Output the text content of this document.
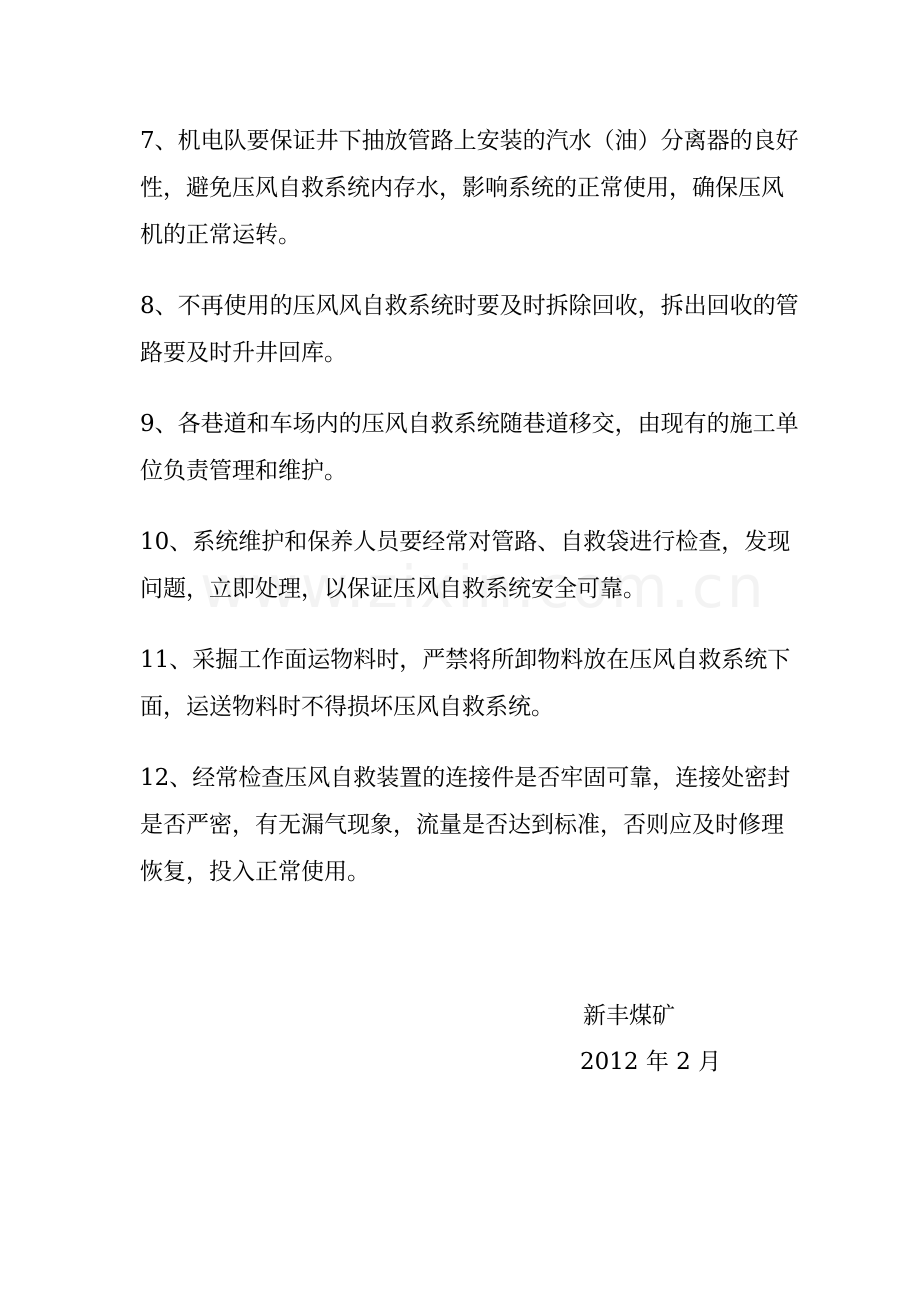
7、机电队要保证井下抽放管路上安装的汽水（油）分离器的良好性，避免压风自救系统内存水，影响系统的正常使用，确保压风机的正常运转。

8、不再使用的压风风自救系统时要及时拆除回收，拆出回收的管路要及时升井回库。

9、各巷道和车场内的压风自救系统随巷道移交，由现有的施工单位负责管理和维护。

10、系统维护和保养人员要经常对管路、自救袋进行检查，发现问题，立即处理，以保证压风自救系统安全可靠。

11、采掘工作面运物料时，严禁将所卸物料放在压风自救系统下面，运送物料时不得损坏压风自救系统。

12、经常检查压风自救装置的连接件是否牢固可靠，连接处密封是否严密，有无漏气现象，流量是否达到标准，否则应及时修理恢复，投入正常使用。

新丰煤矿
2012 年 2 月
